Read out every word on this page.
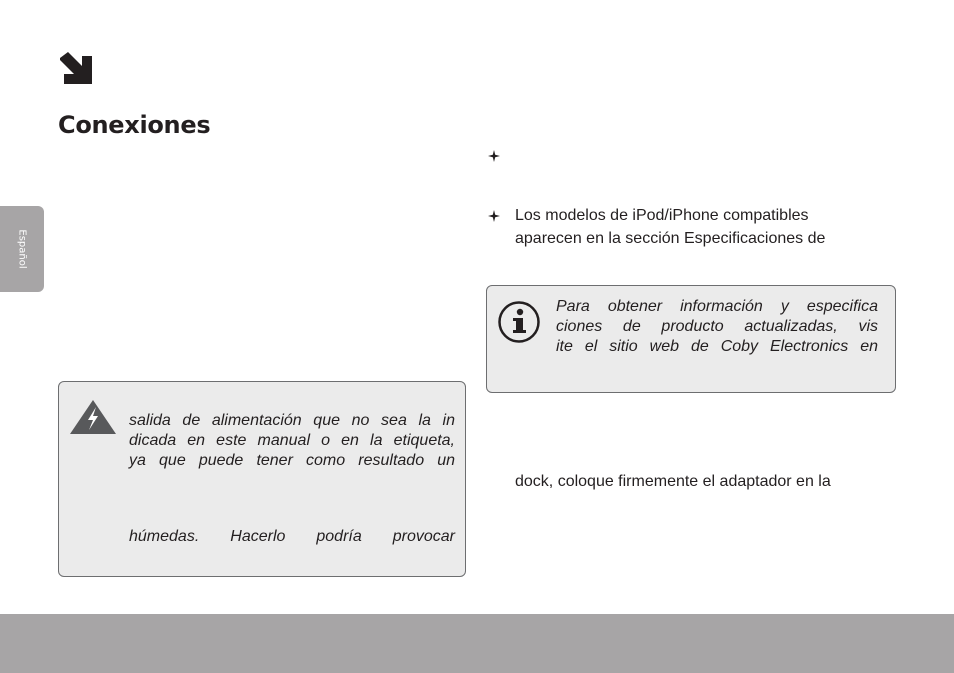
Conexiones
Español
salida de alimentación que no sea la in
dicada en este manual o en la etiqueta,
ya que puede tener como resultado un
húmedas. Hacerlo podría provocar
Los modelos de iPod/iPhone compatibles
aparecen en la sección Especificaciones de
Para obtener información y especifica
ciones de producto actualizadas, vis
ite el sitio web de Coby Electronics en
dock, coloque firmemente el adaptador en la
